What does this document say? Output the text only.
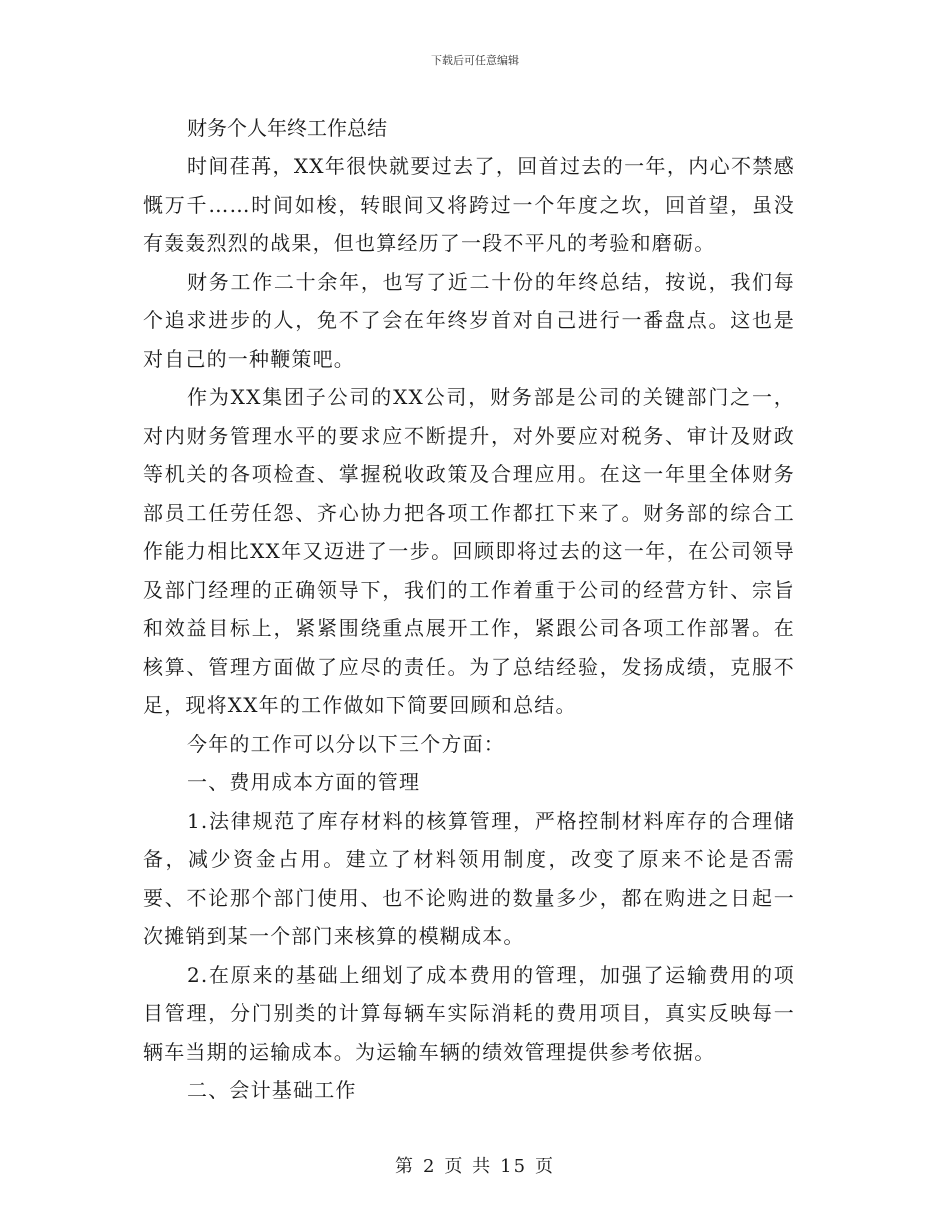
下载后可任意编辑

财务个人年终工作总结

时间荏苒，XX年很快就要过去了，回首过去的一年，内心不禁感慨万千……时间如梭，转眼间又将跨过一个年度之坎，回首望，虽没有轰轰烈烈的战果，但也算经历了一段不平凡的考验和磨砺。

财务工作二十余年，也写了近二十份的年终总结，按说，我们每个追求进步的人，免不了会在年终岁首对自己进行一番盘点。这也是对自己的一种鞭策吧。

作为XX集团子公司的XX公司，财务部是公司的关键部门之一，对内财务管理水平的要求应不断提升，对外要应对税务、审计及财政等机关的各项检查、掌握税收政策及合理应用。在这一年里全体财务部员工任劳任怨、齐心协力把各项工作都扛下来了。财务部的综合工作能力相比XX年又迈进了一步。回顾即将过去的这一年，在公司领导及部门经理的正确领导下，我们的工作着重于公司的经营方针、宗旨和效益目标上，紧紧围绕重点展开工作，紧跟公司各项工作部署。在核算、管理方面做了应尽的责任。为了总结经验，发扬成绩，克服不足，现将XX年的工作做如下简要回顾和总结。

今年的工作可以分以下三个方面：

一、费用成本方面的管理

1.法律规范了库存材料的核算管理，严格控制材料库存的合理储备，减少资金占用。建立了材料领用制度，改变了原来不论是否需要、不论那个部门使用、也不论购进的数量多少，都在购进之日起一次摊销到某一个部门来核算的模糊成本。

2.在原来的基础上细划了成本费用的管理，加强了运输费用的项目管理，分门别类的计算每辆车实际消耗的费用项目，真实反映每一辆车当期的运输成本。为运输车辆的绩效管理提供参考依据。

二、会计基础工作

第 2 页 共 15 页
